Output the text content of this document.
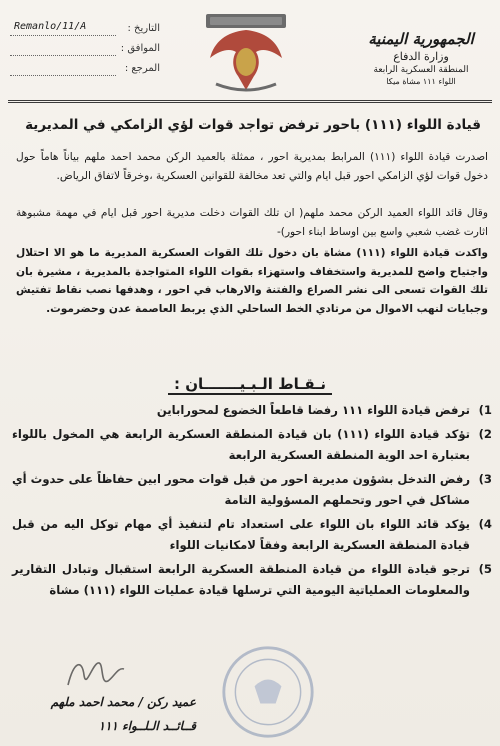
الجمهورية اليمنية
وزارة الدفاع
المنطقة العسكرية الرابعة
اللواء ١١١ مشاة ميكا
Remanlo/11/A	التاريخ :
الموافق :
المرجع :
قيادة اللواء (١١١) باحور ترفض تواجد قوات لؤي الزامكي في المديرية

اصدرت قيادة اللواء (١١١) المرابط بمديرية احور ، ممثلة بالعميد الركن محمد احمد ملهم بياناً هاماً حول دخول قوات لؤي الزامكي احور قبل ايام والتي تعد مخالفة للقوانين العسكرية ،وخرقاً لاتفاق الرياض.

وقال قائد اللواء العميد الركن محمد ملهم( ان تلك القوات دخلت مديرية احور قبل ايام في مهمة مشبوهة اثارت غضب شعبي واسع بين اوساط ابناء احور)-

واكدت قيادة اللواء (١١١) مشاة بان دخول تلك القوات العسكرية المديرية ما هو الا احتلال واجتياح واضح للمديرية واستخفاف واستهزاء بقوات اللواء المتواجدة بالمديرية ، مشيرة بان تلك القوات تسعى الى نشر الصراع والفتنة والارهاب في احور ، وهدفها نصب نقاط تفتيش وجبايات لنهب الاموال من مرتادي الخط الساحلي الذي يربط العاصمة عدن وحضرموت.

نـقـاط الـبـيـــــــان :
1)
ترفض قيادة اللواء ١١١ رفضا قاطعاً الخضوع لمحوراباين
2)
تؤكد قيادة اللواء (١١١) بان قيادة المنطقة العسكرية الرابعة هي المخول باللواء بعتبارة احد الوية المنطقة العسكرية الرابعة
3)
رفض التدخل بشؤون مديرية احور من قبل قوات محور ابين حفاظاً على حدوث أي مشاكل في احور وتحملهم المسؤولية التامة
4)
يؤكد قائد اللواء بان اللواء على استعداد تام لتنفيذ أي مهام توكل اليه من قبل قيادة المنطقة العسكرية الرابعة وفقاً لامكانيات اللواء
5)
ترجو قيادة اللواء من قيادة المنطقة العسكرية الرابعة استقبال وتبادل التقارير والمعلومات العملياتية اليومية التي ترسلها قيادة عمليات اللواء (١١١) مشاة
عميد ركن / محمد احمد ملهم
قــائــد الـلــواء ١١١
